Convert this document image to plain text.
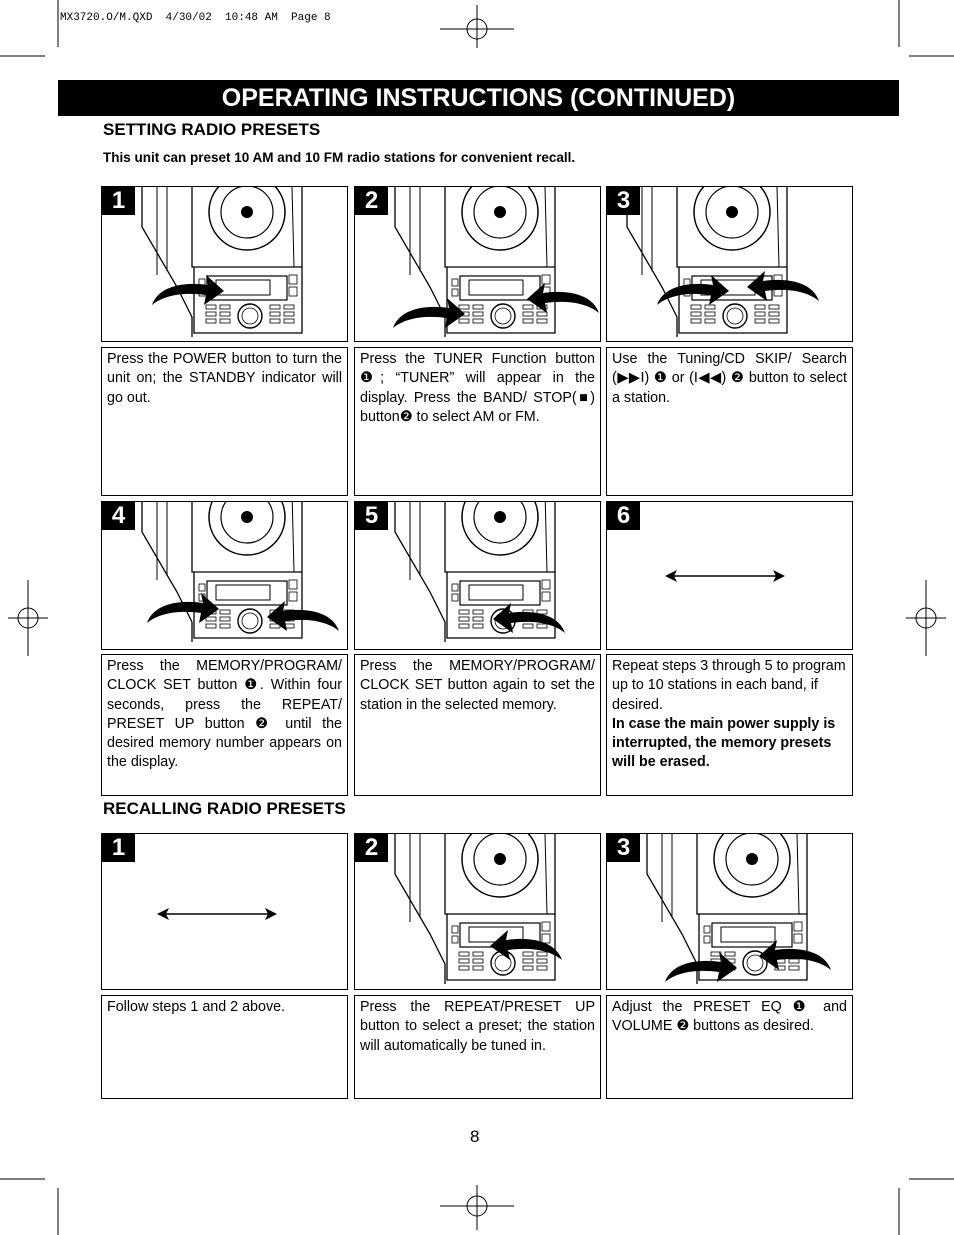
MX3720.O/M.QXD  4/30/02  10:48 AM  Page 8
OPERATING INSTRUCTIONS (CONTINUED)
SETTING RADIO PRESETS
This unit can preset 10 AM and 10 FM radio stations for convenient recall.
1	2	3
Press the POWER button to turn the unit on; the STANDBY indicator will go out.
Press the TUNER Function button ❶; “TUNER” will appear in the display. Press the BAND/ STOP(■) button❷ to select AM or FM.
Use the Tuning/CD SKIP/ Search (▶▶I) ❶ or (I◀◀) ❷ button to select a station.
4	5	6
Press the MEMORY/PROGRAM/ CLOCK SET button ❶. Within four seconds, press the REPEAT/ PRESET UP button ❷ until the desired memory number appears on the display.
Press the MEMORY/PROGRAM/ CLOCK SET button again to set the station in the selected memory.
Repeat steps 3 through 5 to program up to 10 stations in each band, if desired.
In case the main power supply is interrupted, the memory presets will be erased.
RECALLING RADIO PRESETS
1	2	3
Follow steps 1 and 2 above.	Press the REPEAT/PRESET UP button to select a preset; the station will automatically be tuned in.
Adjust the PRESET EQ ❶ and VOLUME ❷ buttons as desired.
8
